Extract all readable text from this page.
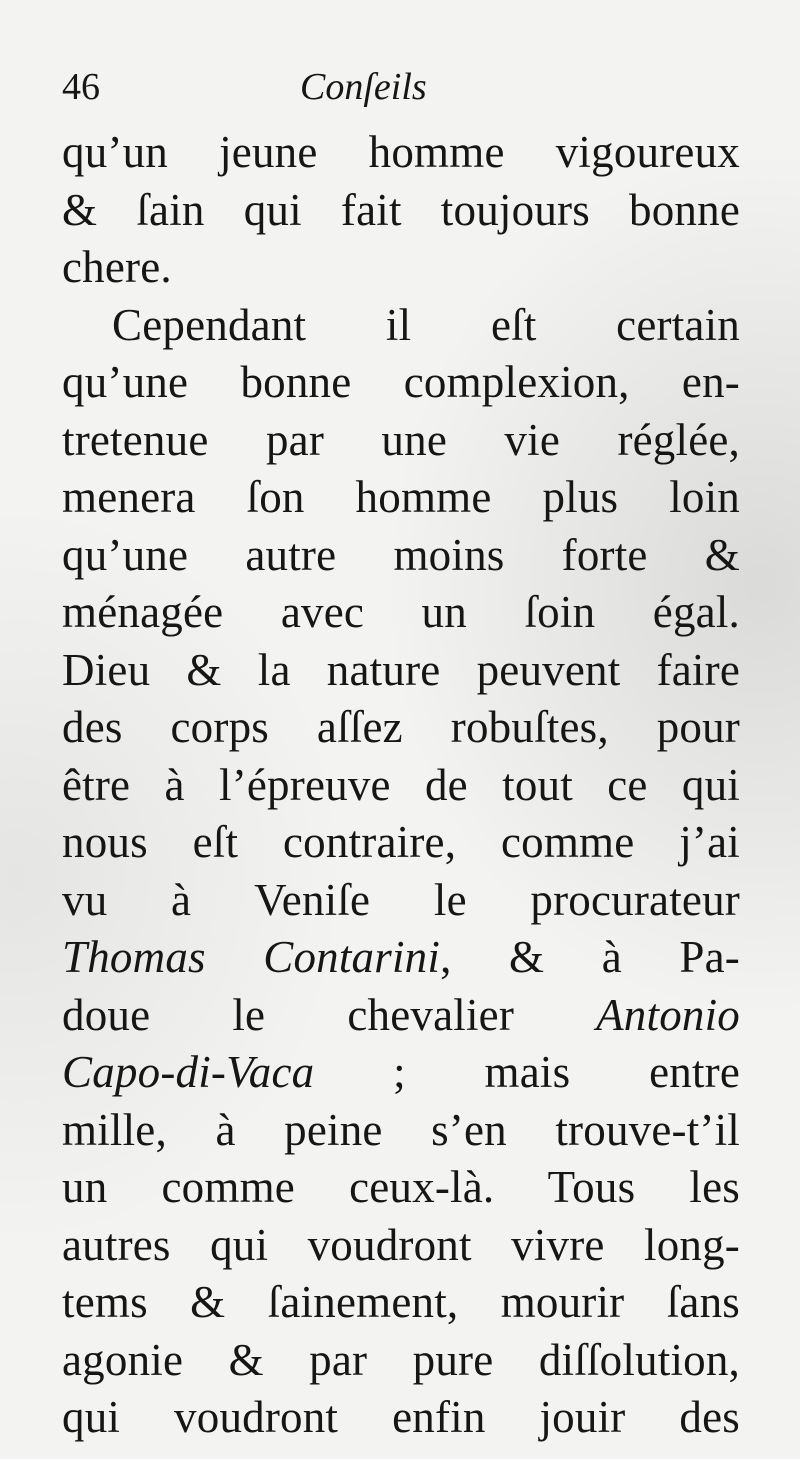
46	Conſeils
qu’un jeune homme vigoureux
& ſain qui fait toujours bonne
chere.
Cependant il eſt certain
qu’une bonne complexion, en-
tretenue par une vie réglée,
menera ſon homme plus loin
qu’une autre moins forte &
ménagée avec un ſoin égal.
Dieu & la nature peuvent faire
des corps aſſez robuſtes, pour
être à l’épreuve de tout ce qui
nous eſt contraire, comme j’ai
vu à Veniſe le procurateur
Thomas Contarini, & à Pa-
doue le chevalier Antonio
Capo-di-Vaca ; mais entre
mille, à peine s’en trouve-t’il
un comme ceux-là. Tous les
autres qui voudront vivre long-
tems & ſainement, mourir ſans
agonie & par pure diſſolution,
qui voudront enfin jouir des
